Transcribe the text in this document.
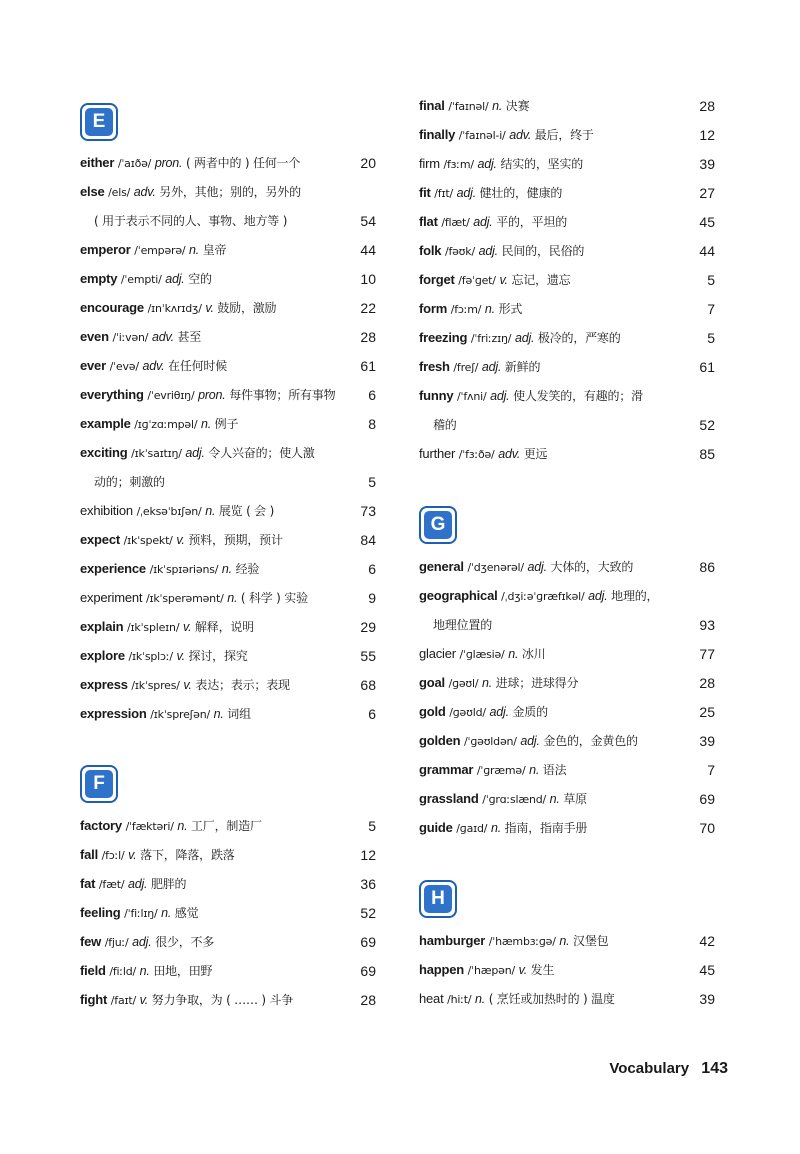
E
either /ˈaɪðə/ pron. ( 两者中的 ) 任何一个	20
else /els/ adv. 另外，其他；别的，另外的
( 用于表示不同的人、事物、地方等 )	54
emperor /ˈempərə/ n. 皇帝	44
empty /ˈempti/ adj. 空的	10
encourage /ɪnˈkʌrɪdʒ/ v. 鼓励，激励	22
even /ˈiːvən/ adv. 甚至	28
ever /ˈevə/ adv. 在任何时候	61
everything /ˈevriθɪŋ/ pron. 每件事物；所有事物	6
example /ɪɡˈzɑːmpəl/ n. 例子	8
exciting /ɪkˈsaɪtɪŋ/ adj. 令人兴奋的；使人激
动的；刺激的	5
exhibition /ˌeksəˈbɪʃən/ n. 展览 ( 会 )	73
expect /ɪkˈspekt/ v. 预料，预期，预计	84
experience /ɪkˈspɪəriəns/ n. 经验	6
experiment /ɪkˈsperəmənt/ n. ( 科学 ) 实验	9
explain /ɪkˈspleɪn/ v. 解释，说明	29
explore /ɪkˈsplɔː/ v. 探讨，探究	55
express /ɪkˈspres/ v. 表达；表示；表现	68
expression /ɪkˈspreʃən/ n. 词组	6
F
factory /ˈfæktəri/ n. 工厂，制造厂	5
fall /fɔːl/ v. 落下，降落，跌落	12
fat /fæt/ adj. 肥胖的	36
feeling /ˈfiːlɪŋ/ n. 感觉	52
few /fjuː/ adj. 很少，不多	69
field /fiːld/ n. 田地，田野	69
fight /faɪt/ v. 努力争取，为 ( …… ) 斗争	28
final /ˈfaɪnəl/ n. 决赛	28
finally /ˈfaɪnəl-i/ adv. 最后，终于	12
firm /fɜːm/ adj. 结实的，坚实的	39
fit /fɪt/ adj. 健壮的，健康的	27
flat /flæt/ adj. 平的，平坦的	45
folk /fəʊk/ adj. 民间的，民俗的	44
forget /fəˈɡet/ v. 忘记，遗忘	5
form /fɔːm/ n. 形式	7
freezing /ˈfriːzɪŋ/ adj. 极冷的，严寒的	5
fresh /freʃ/ adj. 新鲜的	61
funny /ˈfʌni/ adj. 使人发笑的，有趣的；滑
稽的	52
further /ˈfɜːðə/ adv. 更远	85
G
general /ˈdʒenərəl/ adj. 大体的，大致的	86
geographical /ˌdʒiːəˈɡræfɪkəl/ adj. 地理的，
地理位置的	93
glacier /ˈɡlæsiə/ n. 冰川	77
goal /ɡəʊl/ n. 进球；进球得分	28
gold /ɡəʊld/ adj. 金质的	25
golden /ˈɡəʊldən/ adj. 金色的，金黄色的	39
grammar /ˈɡræmə/ n. 语法	7
grassland /ˈɡrɑːslænd/ n. 草原	69
guide /ɡaɪd/ n. 指南，指南手册	70
H
hamburger /ˈhæmbɜːɡə/ n. 汉堡包	42
happen /ˈhæpən/ v. 发生	45
heat /hiːt/ n. ( 烹饪或加热时的 ) 温度	39
Vocabulary 143
